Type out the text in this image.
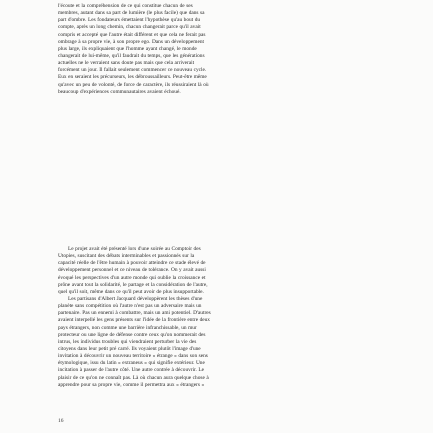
l'écoute et la compréhension de ce qui constitue chacun de ses
membres, autant dans sa part de lumière (le plus facile) que dans sa
part d'ombre. Les fondateurs émettaient l'hypothèse qu'au bout du
compte, après un long chemin, chacun changerait parce qu'il avait
compris et accepté que l'autre était différent et que cela ne ferait pas
ombrage à sa propre vie, à son propre ego. Dans un développement
plus large, ils expliquaient que l'homme ayant changé, le monde
changerait de lui-même, qu'il faudrait du temps, que les générations
actuelles ne le verraient sans doute pas mais que cela arriverait
forcément un jour. Il fallait seulement commencer ce nouveau cycle.
Eux en seraient les précurseurs, les débroussailleurs. Peut-être même
qu'avec un peu de volonté, de force de caractère, ils réussiraient là où
beaucoup d'expériences communautaires avaient échoué.
Le projet avait été présenté lors d'une soirée au Comptoir des
Utopies, suscitant des débats interminables et passionnés sur la
capacité réelle de l'être humain à pouvoir atteindre ce stade élevé de
développement personnel et ce niveau de tolérance. On y avait aussi
évoqué les perspectives d'un autre monde qui oublie la croissance et
prône avant tout la solidarité, le partage et la considération de l'autre,
quel qu'il soit, même dans ce qu'il peut avoir de plus insupportable.
Les partisans d'Albert Jacquard développèrent les thèses d'une
planète sans compétition où l'autre n'est pas un adversaire mais un
partenaire. Pas un ennemi à combattre, mais un ami potentiel. D'autres
avaient interpellé les gens présents sur l'idée de la frontière entre deux
pays étrangers, non comme une barrière infranchissable, un mur
protecteur ou une ligne de défense contre ceux qu'on nommerait des
intrus, les individus troubles qui viendraient perturber la vie des
citoyens dans leur petit pré carré. Ils voyaient plutôt l'image d'une
invitation à découvrir un nouveau territoire « étrange » dans son sens
étymologique, issu du latin « extraneus » qui signifie extérieur. Une
incitation à passer de l'autre côté. Une autre contrée à découvrir. Le
plaisir de ce qu'on ne connaît pas. Là où chacun aura quelque chose à
apprendre pour sa propre vie, comme il permettra aux « étrangers »
16
